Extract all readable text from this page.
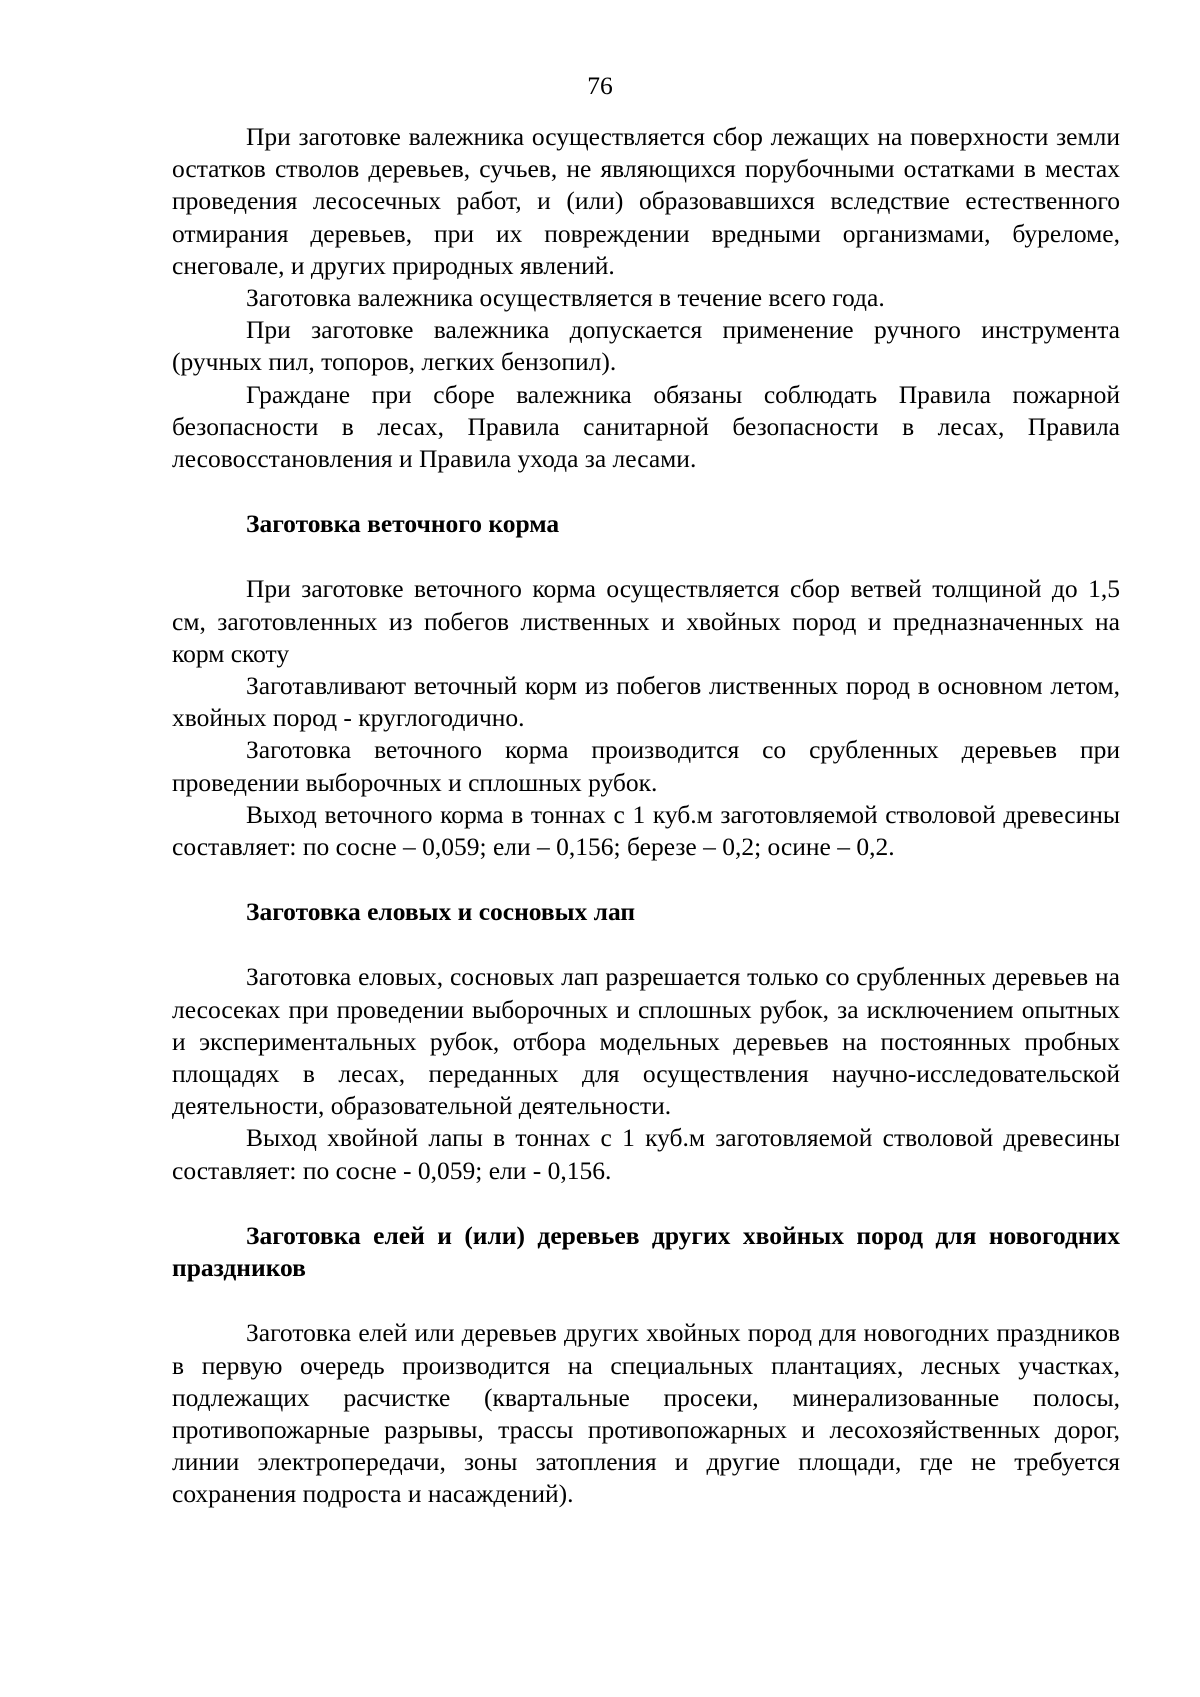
76

При заготовке валежника осуществляется сбор лежащих на поверхности земли остатков стволов деревьев, сучьев, не являющихся порубочными остатками в местах проведения лесосечных работ, и (или) образовавшихся вследствие естественного отмирания деревьев, при их повреждении вредными организмами, буреломе, снеговале, и других природных явлений.

Заготовка валежника осуществляется в течение всего года.

При заготовке валежника допускается применение ручного инструмента (ручных пил, топоров, легких бензопил).

Граждане при сборе валежника обязаны соблюдать Правила пожарной безопасности в лесах, Правила санитарной безопасности в лесах, Правила лесовосстановления и Правила ухода за лесами.

Заготовка веточного корма

При заготовке веточного корма осуществляется сбор ветвей толщиной до 1,5 см, заготовленных из побегов лиственных и хвойных пород и предназначенных на корм скоту

Заготавливают веточный корм из побегов лиственных пород в основном летом, хвойных пород - круглогодично.

Заготовка веточного корма производится со срубленных деревьев при проведении выборочных и сплошных рубок.

Выход веточного корма в тоннах с 1 куб.м заготовляемой стволовой древесины составляет: по сосне – 0,059; ели – 0,156; березе – 0,2; осине – 0,2.

Заготовка еловых и сосновых лап

Заготовка еловых, сосновых лап разрешается только со срубленных деревьев на лесосеках при проведении выборочных и сплошных рубок, за исключением опытных и экспериментальных рубок, отбора модельных деревьев на постоянных пробных площадях в лесах, переданных для осуществления научно-исследовательской деятельности, образовательной деятельности.

Выход хвойной лапы в тоннах с 1 куб.м заготовляемой стволовой древесины составляет: по сосне - 0,059; ели - 0,156.

Заготовка елей и (или) деревьев других хвойных пород для новогодних праздников

Заготовка елей или деревьев других хвойных пород для новогодних праздников в первую очередь производится на специальных плантациях, лесных участках, подлежащих расчистке (квартальные просеки, минерализованные полосы, противопожарные разрывы, трассы противопожарных и лесохозяйственных дорог, линии электропередачи, зоны затопления и другие площади, где не требуется сохранения подроста и насаждений).
